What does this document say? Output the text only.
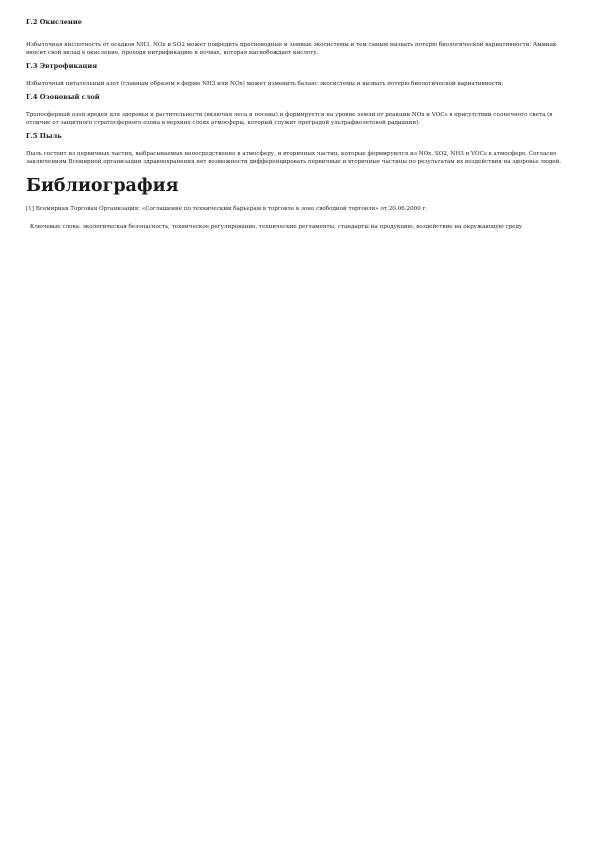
Г.2 Окисление

Избыточная кислотность от осадков NH3, NOx и SO2 может повредить пресноводные и земные экосистемы и тем самым вызвать потерю биологической вариативности. Аммиак вносит свой вклад в окисление, проходя нитрификацию в почвах, которая высвобождает кислоту.

Г.3 Эвтрофикация

Избыточный питательный азот (главным образом в форме NH3 или NOx) может изменить баланс экосистемы и вызвать потерю биологической вариативности.

Г.4 Озоновый слой

Тропосферный озон вреден для здоровья и растительности (включая леса и посевы) и формируется на уровне земли от реакции NOx и VOCs в присутствии солнечного света (в отличие от защитного стратосферного озона в верхних слоях атмосферы, который служит преградой ультрафиолетовой радиации).

Г.5 Пыль

Пыль состоит из первичных частиц, выбрасываемых непосредственно в атмосферу, и вторичных частиц, которые формируются из NOx, SO2, NH3 и VOCs в атмосфере. Согласно заключениям Всемирной организации здравоохранения нет возможности дифференцировать первичные и вторичные частицы по результатам их воздействия на здоровье людей.

Библиография

[1] Всемирная Торговая Организация: «Соглашение по техническим барьерам в торговле в зоне свободной торговли» от 20.06.2000 г.

Ключевые слова: экологическая безопасность, техническое регулирование, технические регламенты, стандарты на продукцию, воздействие на окружающую среду
